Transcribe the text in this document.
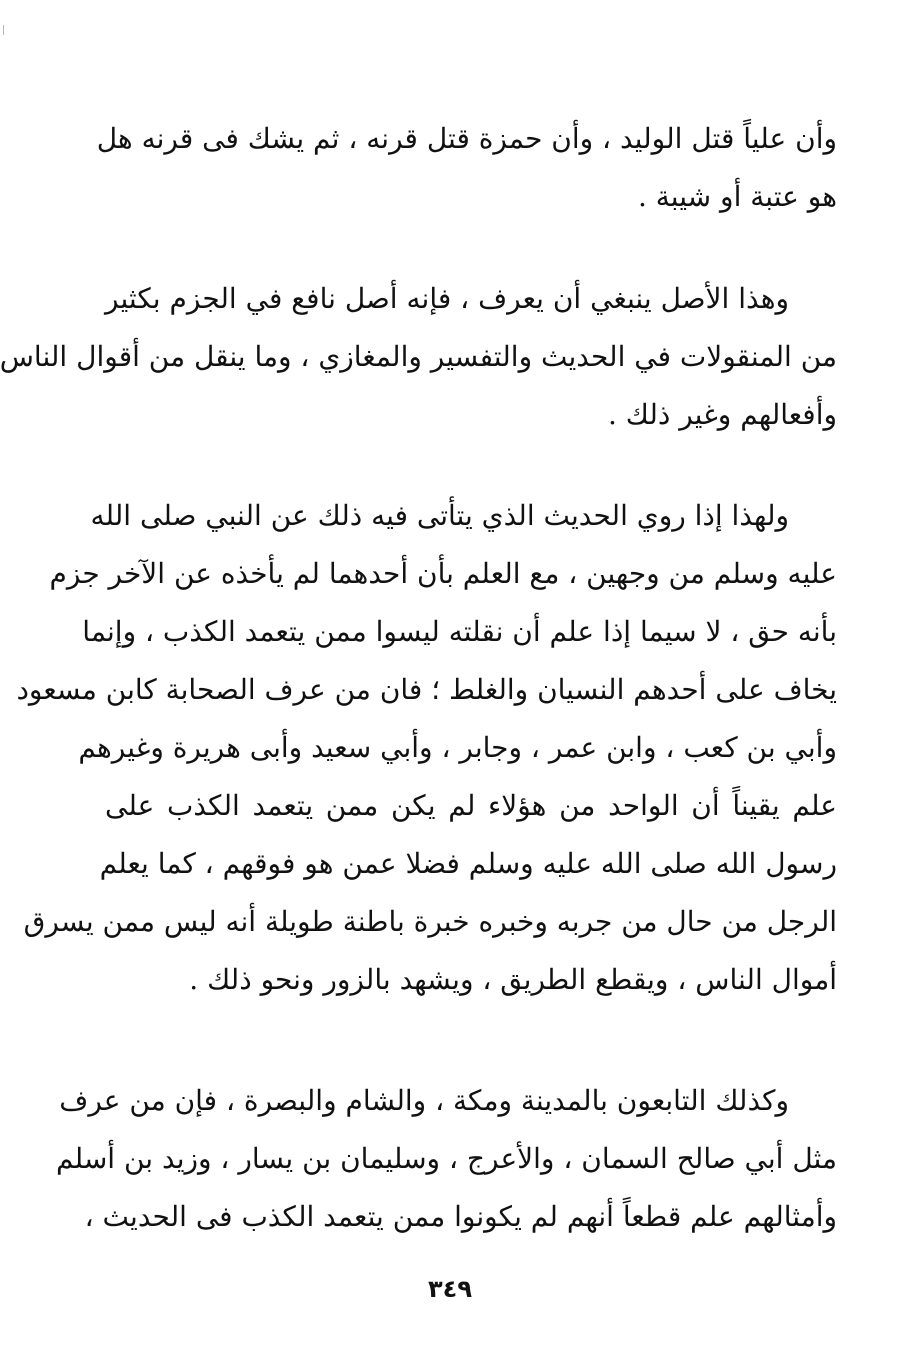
وأن علياً قتل الوليد ، وأن حمزة قتل قرنه ، ثم يشك فى قرنه هل
هو عتبة أو شيبة .
وهذا الأصل ينبغي أن يعرف ، فإنه أصل نافع في الجزم بكثير
من المنقولات في الحديث والتفسير والمغازي ، وما ينقل من أقوال الناس
وأفعالهم وغير ذلك .
ولهذا إذا روي الحديث الذي يتأتى فيه ذلك عن النبي صلى الله
عليه وسلم من وجهين ، مع العلم بأن أحدهما لم يأخذه عن الآخر جزم
بأنه حق ، لا سيما إذا علم أن نقلته ليسوا ممن يتعمد الكذب ، وإنما
يخاف على أحدهم النسيان والغلط ؛ فان من عرف الصحابة كابن مسعود
وأبي بن كعب ، وابن عمر ، وجابر ، وأبي سعيد وأبى هريرة وغيرهم
علم يقيناً أن الواحد من هؤلاء لم يكن ممن يتعمد الكذب على
رسول الله صلى الله عليه وسلم فضلا عمن هو فوقهم ، كما يعلم
الرجل من حال من جربه وخبره خبرة باطنة طويلة أنه ليس ممن يسرق
أموال الناس ، ويقطع الطريق ، ويشهد بالزور ونحو ذلك .
وكذلك التابعون بالمدينة ومكة ، والشام والبصرة ، فإن من عرف
مثل أبي صالح السمان ، والأعرج ، وسليمان بن يسار ، وزيد بن أسلم
وأمثالهم علم قطعاً أنهم لم يكونوا ممن يتعمد الكذب فى الحديث ،
٣٤٩
